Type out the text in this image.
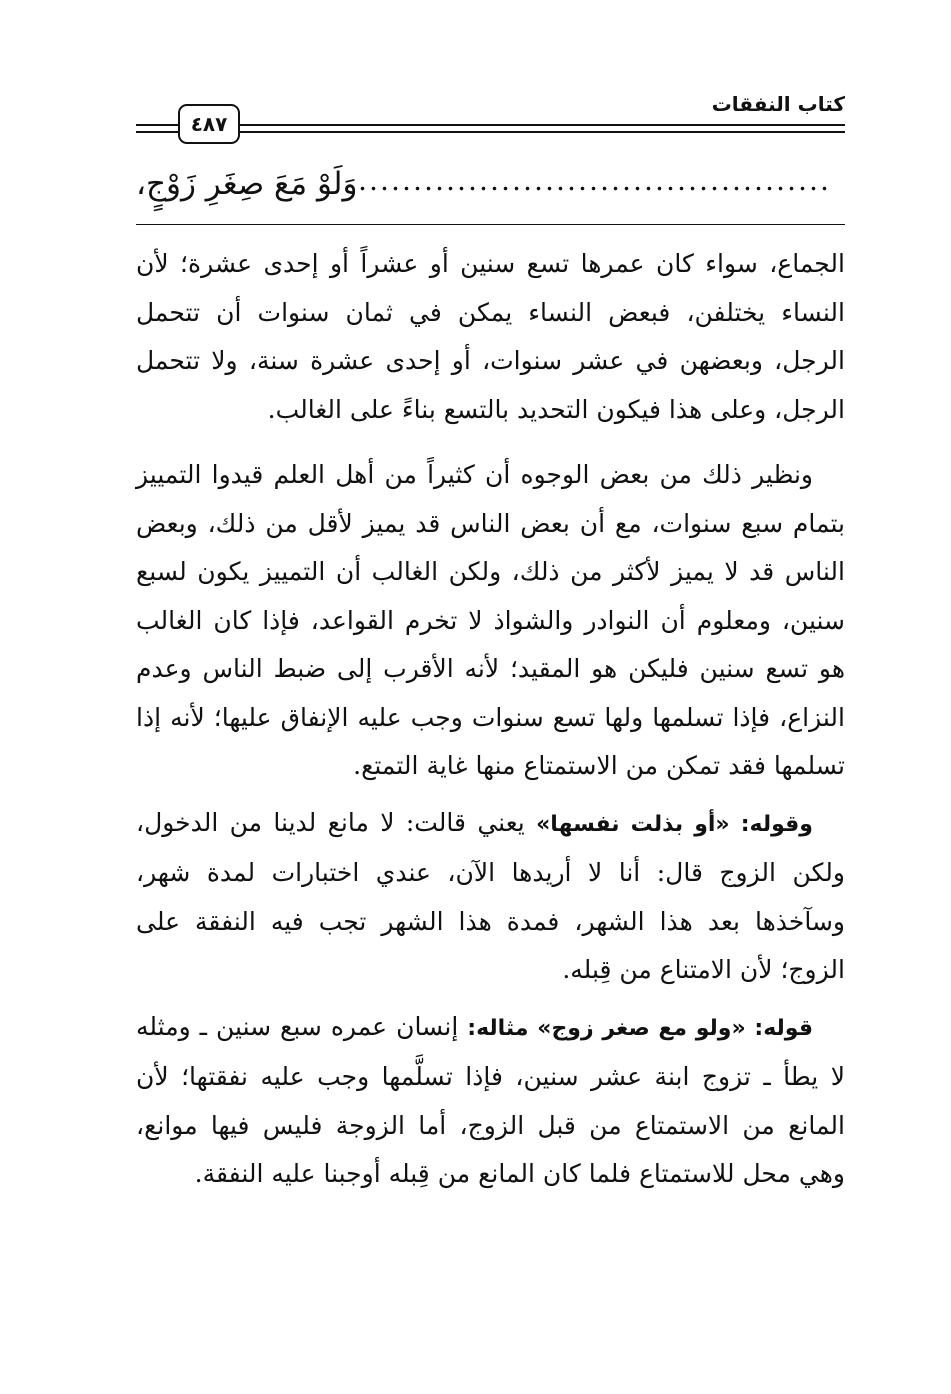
كتاب النفقات
٤٨٧
وَلَوْ مَعَ صِغَرِ زَوْجٍ،

الجماع، سواء كان عمرها تسع سنين أو عشراً أو إحدى عشرة؛ لأن النساء يختلفن، فبعض النساء يمكن في ثمان سنوات أن تتحمل الرجل، وبعضهن في عشر سنوات، أو إحدى عشرة سنة، ولا تتحمل الرجل، وعلى هذا فيكون التحديد بالتسع بناءً على الغالب.

ونظير ذلك من بعض الوجوه أن كثيراً من أهل العلم قيدوا التمييز بتمام سبع سنوات، مع أن بعض الناس قد يميز لأقل من ذلك، وبعض الناس قد لا يميز لأكثر من ذلك، ولكن الغالب أن التمييز يكون لسبع سنين، ومعلوم أن النوادر والشواذ لا تخرم القواعد، فإذا كان الغالب هو تسع سنين فليكن هو المقيد؛ لأنه الأقرب إلى ضبط الناس وعدم النزاع، فإذا تسلمها ولها تسع سنوات وجب عليه الإنفاق عليها؛ لأنه إذا تسلمها فقد تمكن من الاستمتاع منها غاية التمتع.

وقوله: «أو بذلت نفسها» يعني قالت: لا مانع لدينا من الدخول، ولكن الزوج قال: أنا لا أريدها الآن، عندي اختبارات لمدة شهر، وسآخذها بعد هذا الشهر، فمدة هذا الشهر تجب فيه النفقة على الزوج؛ لأن الامتناع من قِبله.

قوله: «ولو مع صغر زوج» مثاله: إنسان عمره سبع سنين ـ ومثله لا يطأ ـ تزوج ابنة عشر سنين، فإذا تسلَّمها وجب عليه نفقتها؛ لأن المانع من الاستمتاع من قبل الزوج، أما الزوجة فليس فيها موانع، وهي محل للاستمتاع فلما كان المانع من قِبله أوجبنا عليه النفقة.
